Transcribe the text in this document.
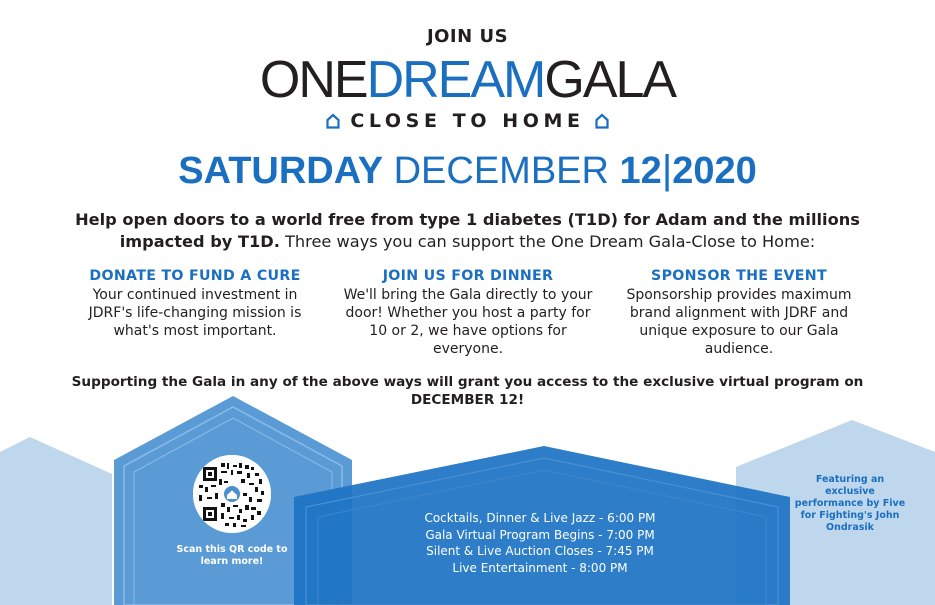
JOIN US
ONEDREAMGALA
CLOSE TO HOME
SATURDAY DECEMBER 12|2020
Help open doors to a world free from type 1 diabetes (T1D) for Adam and the millions impacted by T1D. Three ways you can support the One Dream Gala-Close to Home:
DONATE TO FUND A CURE

Your continued investment in JDRF's life-changing mission is what's most important.

JOIN US FOR DINNER

We'll bring the Gala directly to your door! Whether you host a party for 10 or 2, we have options for everyone.

SPONSOR THE EVENT

Sponsorship provides maximum brand alignment with JDRF and unique exposure to our Gala audience.

Supporting the Gala in any of the above ways will grant you access to the exclusive virtual program on DECEMBER 12!
Scan this QR code to learn more!
Cocktails, Dinner & Live Jazz - 6:00 PM
Gala Virtual Program Begins - 7:00 PM
Silent & Live Auction Closes - 7:45 PM
Live Entertainment - 8:00 PM
Featuring an exclusive performance by Five for Fighting's John Ondrasik
